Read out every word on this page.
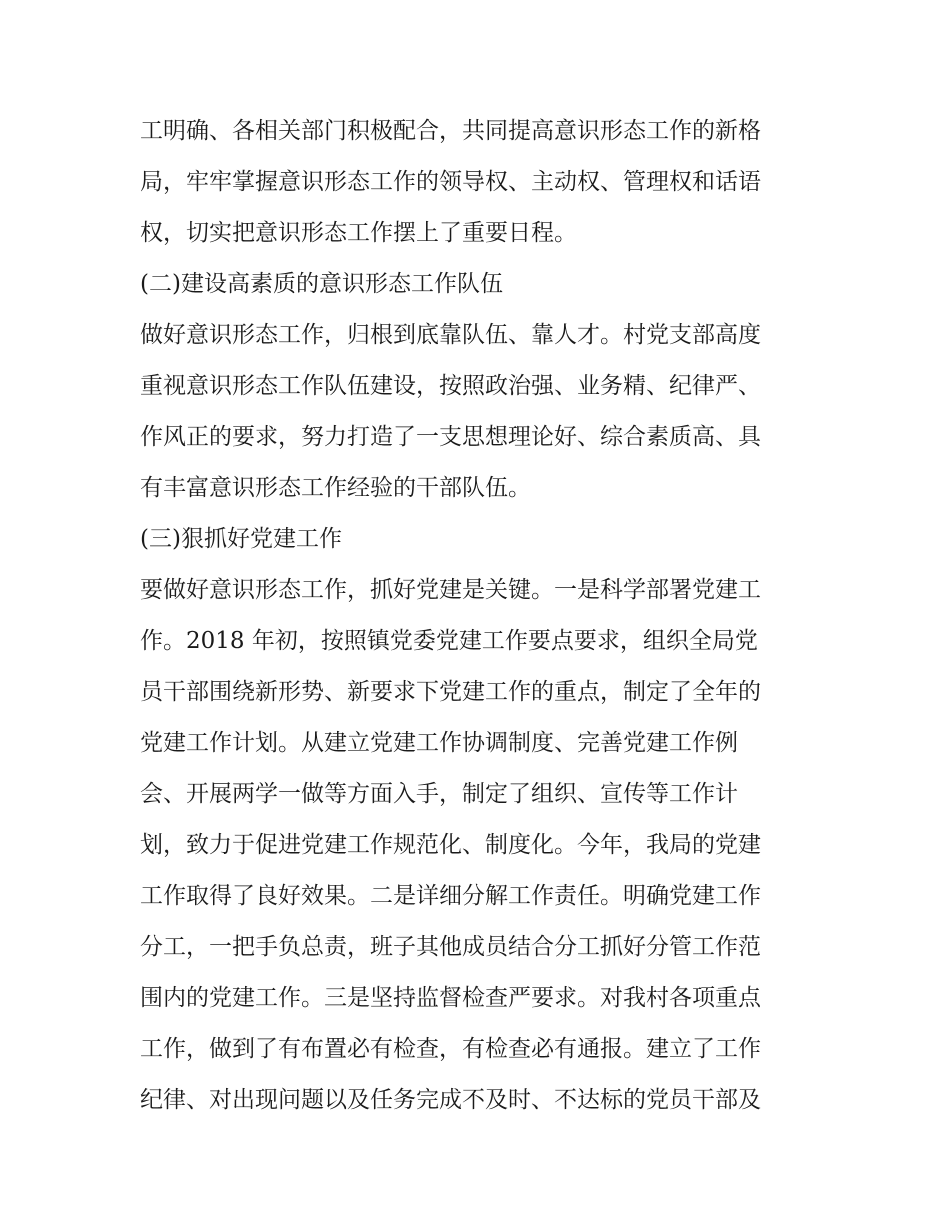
工明确、各相关部门积极配合，共同提高意识形态工作的新格
局，牢牢掌握意识形态工作的领导权、主动权、管理权和话语
权，切实把意识形态工作摆上了重要日程。
(二)建设高素质的意识形态工作队伍
做好意识形态工作，归根到底靠队伍、靠人才。村党支部高度
重视意识形态工作队伍建设，按照政治强、业务精、纪律严、
作风正的要求，努力打造了一支思想理论好、综合素质高、具
有丰富意识形态工作经验的干部队伍。
(三)狠抓好党建工作
要做好意识形态工作，抓好党建是关键。一是科学部署党建工
作。2018 年初，按照镇党委党建工作要点要求，组织全局党
员干部围绕新形势、新要求下党建工作的重点，制定了全年的
党建工作计划。从建立党建工作协调制度、完善党建工作例
会、开展两学一做等方面入手，制定了组织、宣传等工作计
划，致力于促进党建工作规范化、制度化。今年，我局的党建
工作取得了良好效果。二是详细分解工作责任。明确党建工作
分工，一把手负总责，班子其他成员结合分工抓好分管工作范
围内的党建工作。三是坚持监督检查严要求。对我村各项重点
工作，做到了有布置必有检查，有检查必有通报。建立了工作
纪律、对出现问题以及任务完成不及时、不达标的党员干部及
